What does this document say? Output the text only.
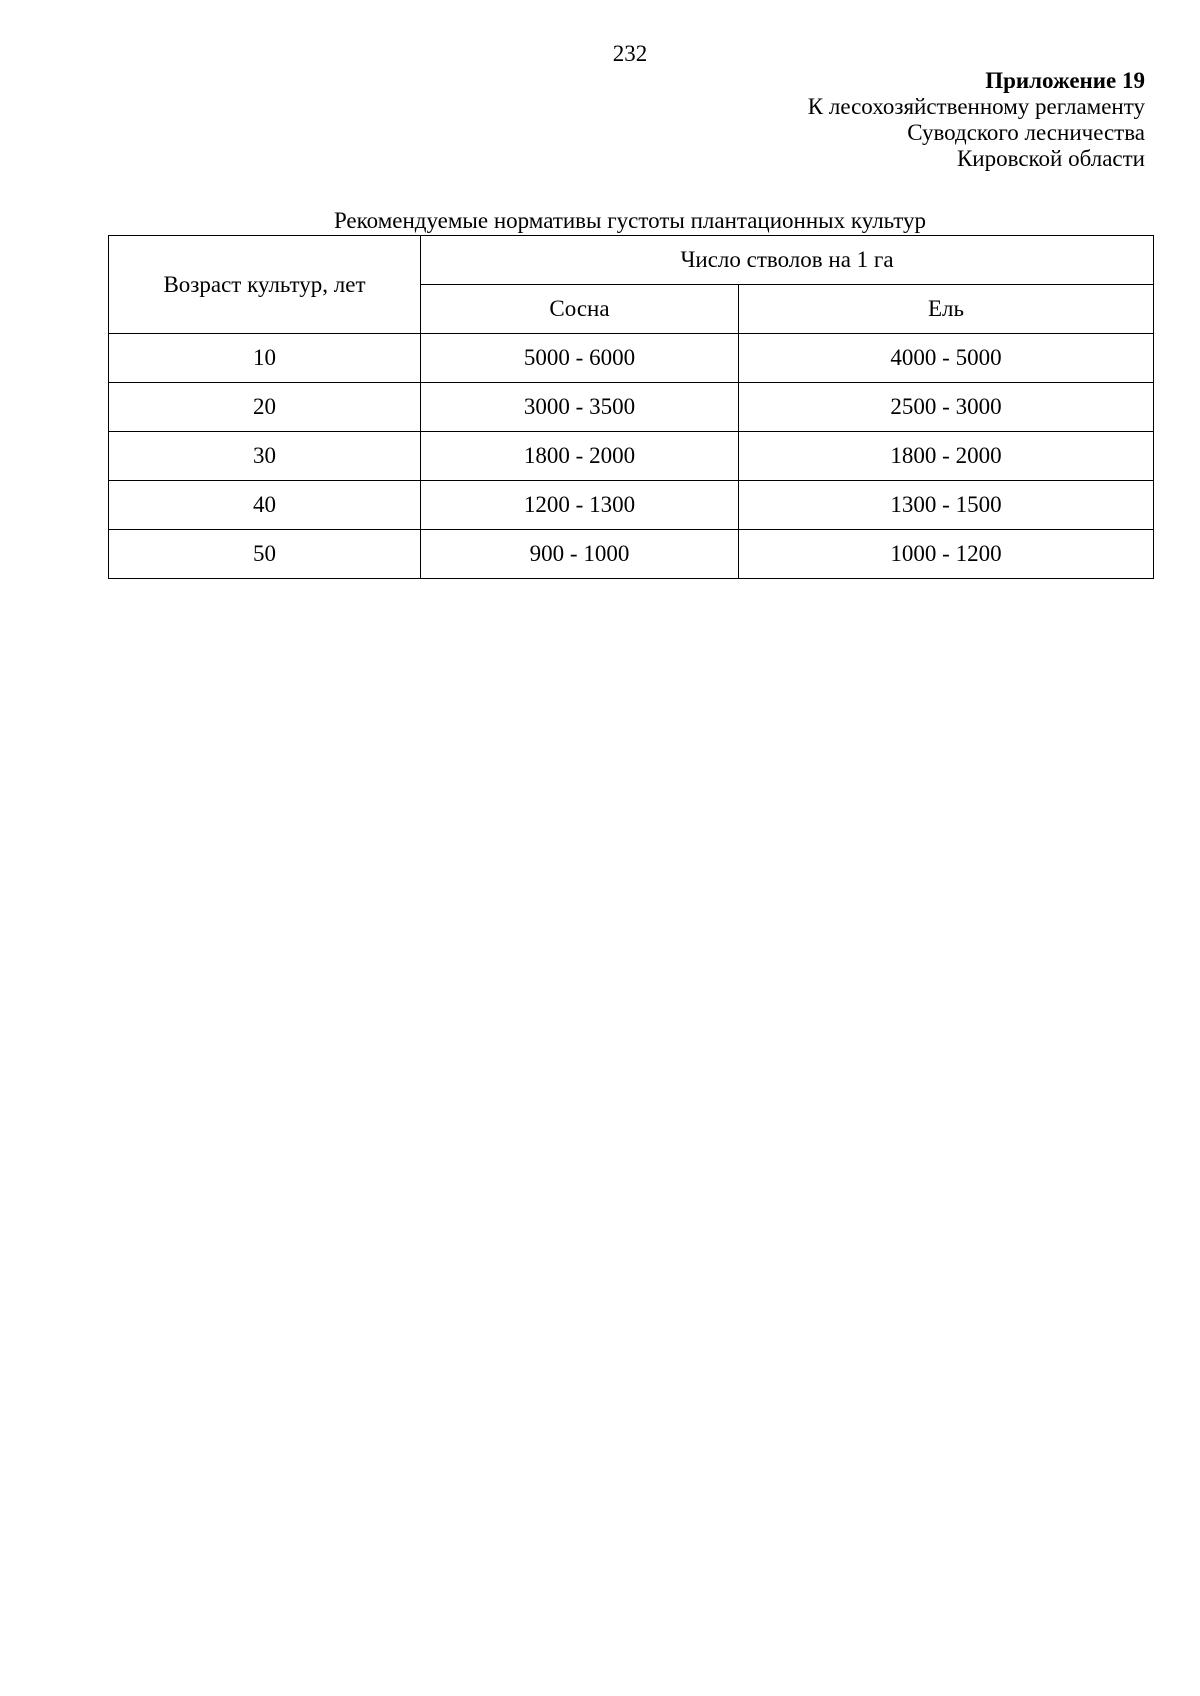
232
Приложение 19
К лесохозяйственному регламенту
Суводского лесничества
Кировской области
Рекомендуемые нормативы густоты плантационных культур
Возраст культур, лет	Число стволов на 1 га	
	Сосна	Ель
10	5000 - 6000	4000 - 5000
20	3000 - 3500	2500 - 3000
30	1800 - 2000	1800 - 2000
40	1200 - 1300	1300 - 1500
50	900 - 1000	1000 - 1200
